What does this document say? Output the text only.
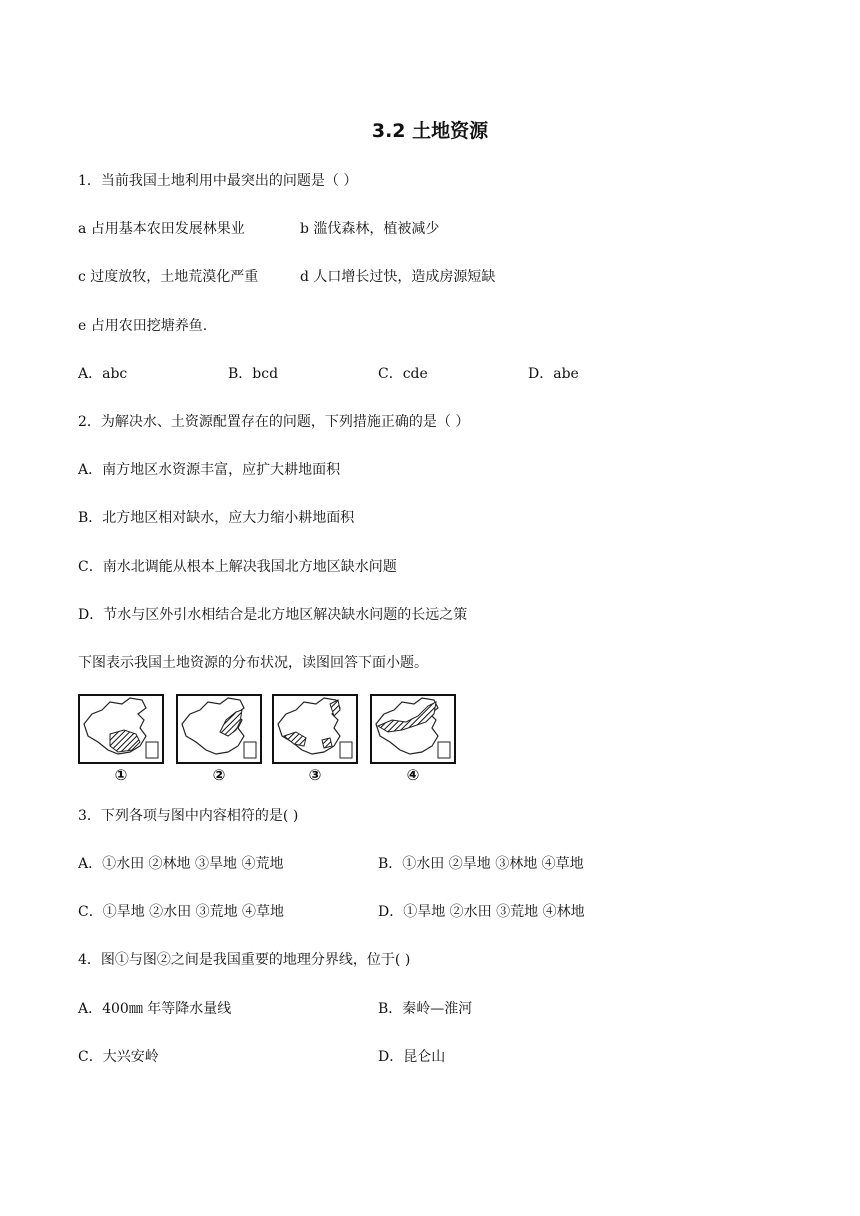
3.2 土地资源
1．当前我国土地利用中最突出的问题是（ ）
a 占用基本农田发展林果业	b 滥伐森林，植被减少
c 过度放牧，土地荒漠化严重	d 人口增长过快，造成房源短缺
e 占用农田挖塘养鱼.
A．abc	B．bcd	C．cde	D．abe
2．为解决水、土资源配置存在的问题，下列措施正确的是（ ）
A．南方地区水资源丰富，应扩大耕地面积
B．北方地区相对缺水，应大力缩小耕地面积
C．南水北调能从根本上解决我国北方地区缺水问题
D．节水与区外引水相结合是北方地区解决缺水问题的长远之策
下图表示我国土地资源的分布状况，读图回答下面小题。
①	②	③	④
3．下列各项与图中内容相符的是( )
A．①水田 ②林地 ③旱地 ④荒地	B．①水田 ②旱地 ③林地 ④草地
C．①旱地 ②水田 ③荒地 ④草地	D．①旱地 ②水田 ③荒地 ④林地
4．图①与图②之间是我国重要的地理分界线，位于( )
A．400㎜ 年等降水量线	B．秦岭—淮河
C．大兴安岭	D．昆仑山
